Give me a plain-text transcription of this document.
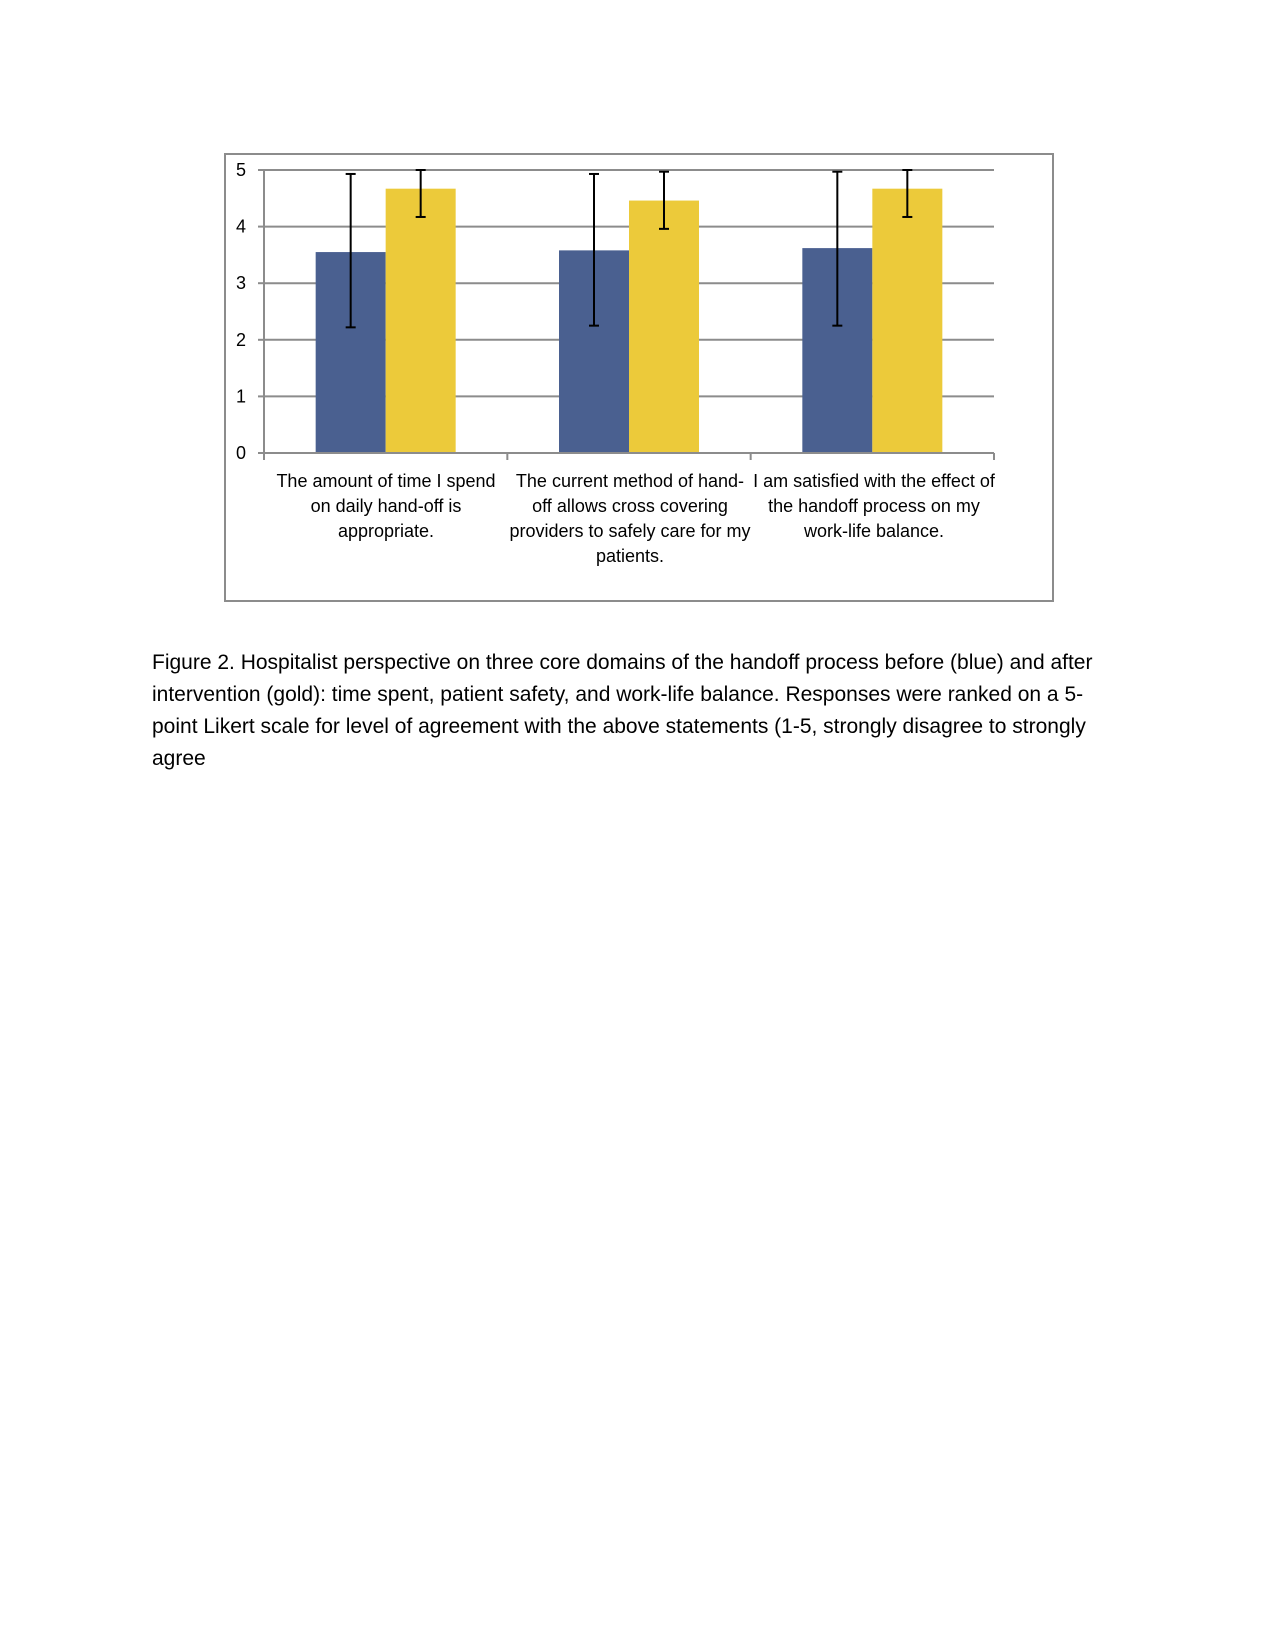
0
1
2
3
4
5
The amount of time I spend on daily hand-off is appropriate.
The current method of hand-off allows cross covering providers to safely care for my patients.
I am satisfied with the effect of the handoff process on my work-life balance.

Figure 2. Hospitalist perspective on three core domains of the handoff process before (blue) and after intervention (gold): time spent, patient safety, and work-life balance. Responses were ranked on a 5-point Likert scale for level of agreement with the above statements (1-5, strongly disagree to strongly agree
